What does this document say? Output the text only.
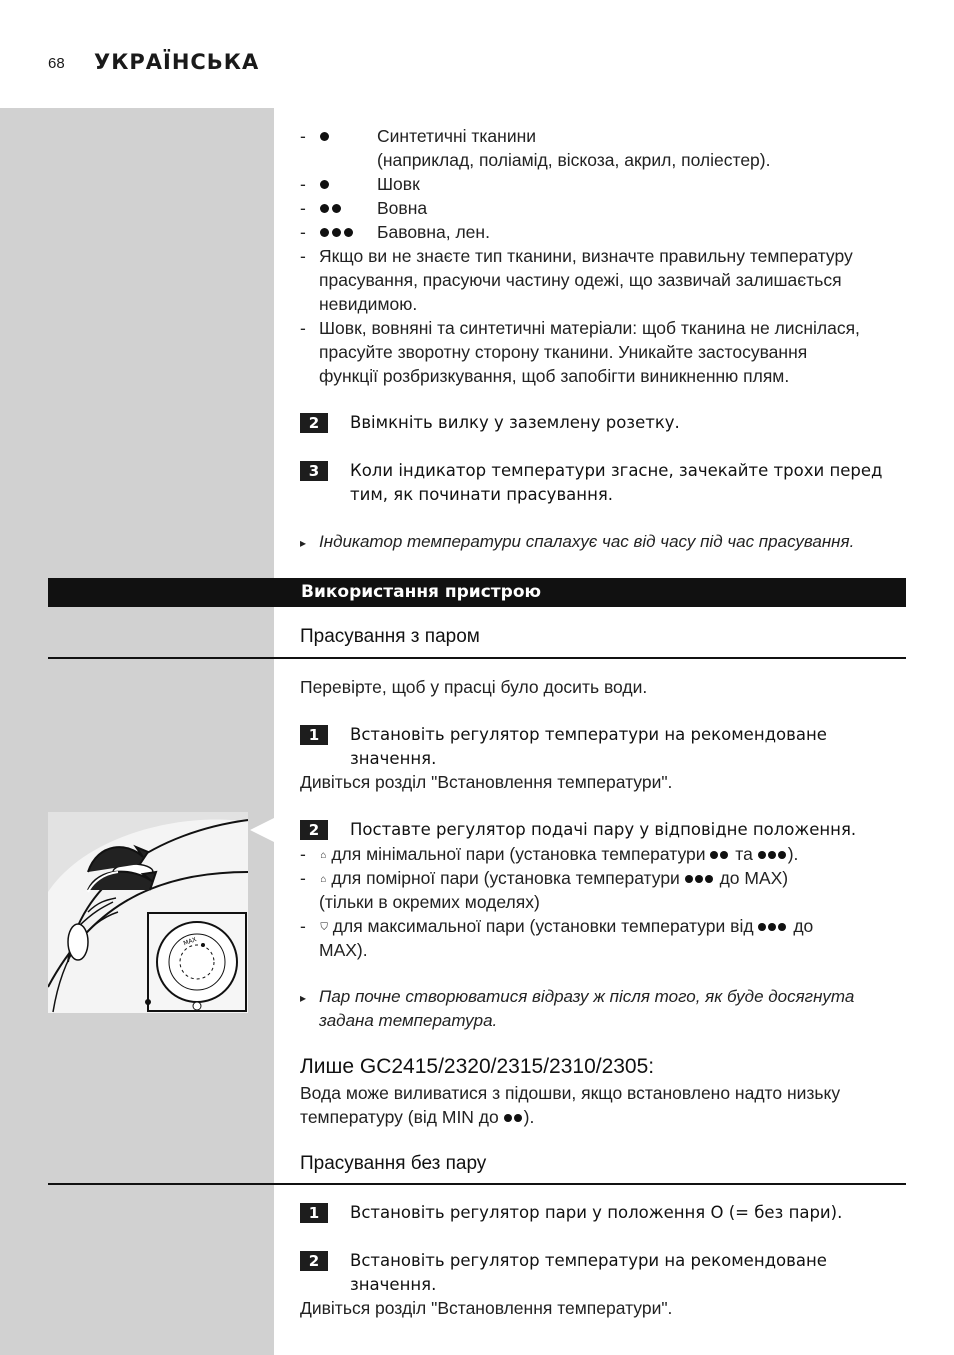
68 УКРАЇНСЬКА
-	Синтетичні тканини
(наприклад, поліамід, віскоза, акрил, поліестер).
-	Шовк
-	Вовна
-	Бавовна, лен.
- Якщо ви не знаєте тип тканини, визначте правильну температуру
прасування, прасуючи частину одежі, що зазвичай залишається
невидимою.
- Шовк, вовняні та синтетичні матеріали: щоб тканина не лиснілася,
прасуйте зворотну сторону тканини. Уникайте застосування
функції розбризкування, щоб запобігти виникненню плям.
2	Ввімкніть вилку у заземлену розетку.
3	Коли індикатор температури згасне, зачекайте трохи перед
тим, як починати прасування.
▸ Індикатор температури спалахує час від часу під час прасування.
Використання пристрою
Прасування з паром
Перевірте, щоб у прасці було досить води.
1	Встановіть регулятор температури на рекомендоване
значення.
Дивіться розділ "Встановлення температури".
MAX
2	Поставте регулятор подачі пару у відповідне положення.
-   ⌂ для мінімальної пари (установка температури та ).
-   ⌂ для помірної пари (установка температури до MAX)
(тільки в окремих моделях)
-   ⛉ для максимальної пари (установки температури від до
MAX).
▸ Пар почне створюватися відразу ж після того, як буде досягнута
задана температура.
Лише GC2415/2320/2315/2310/2305:
Вода може виливатися з підошви, якщо встановлено надто низьку
температуру (від MIN до ).
Прасування без пару
1	Встановіть регулятор пари у положення O (= без пари).
2	Встановіть регулятор температури на рекомендоване
значення.
Дивіться розділ "Встановлення температури".
